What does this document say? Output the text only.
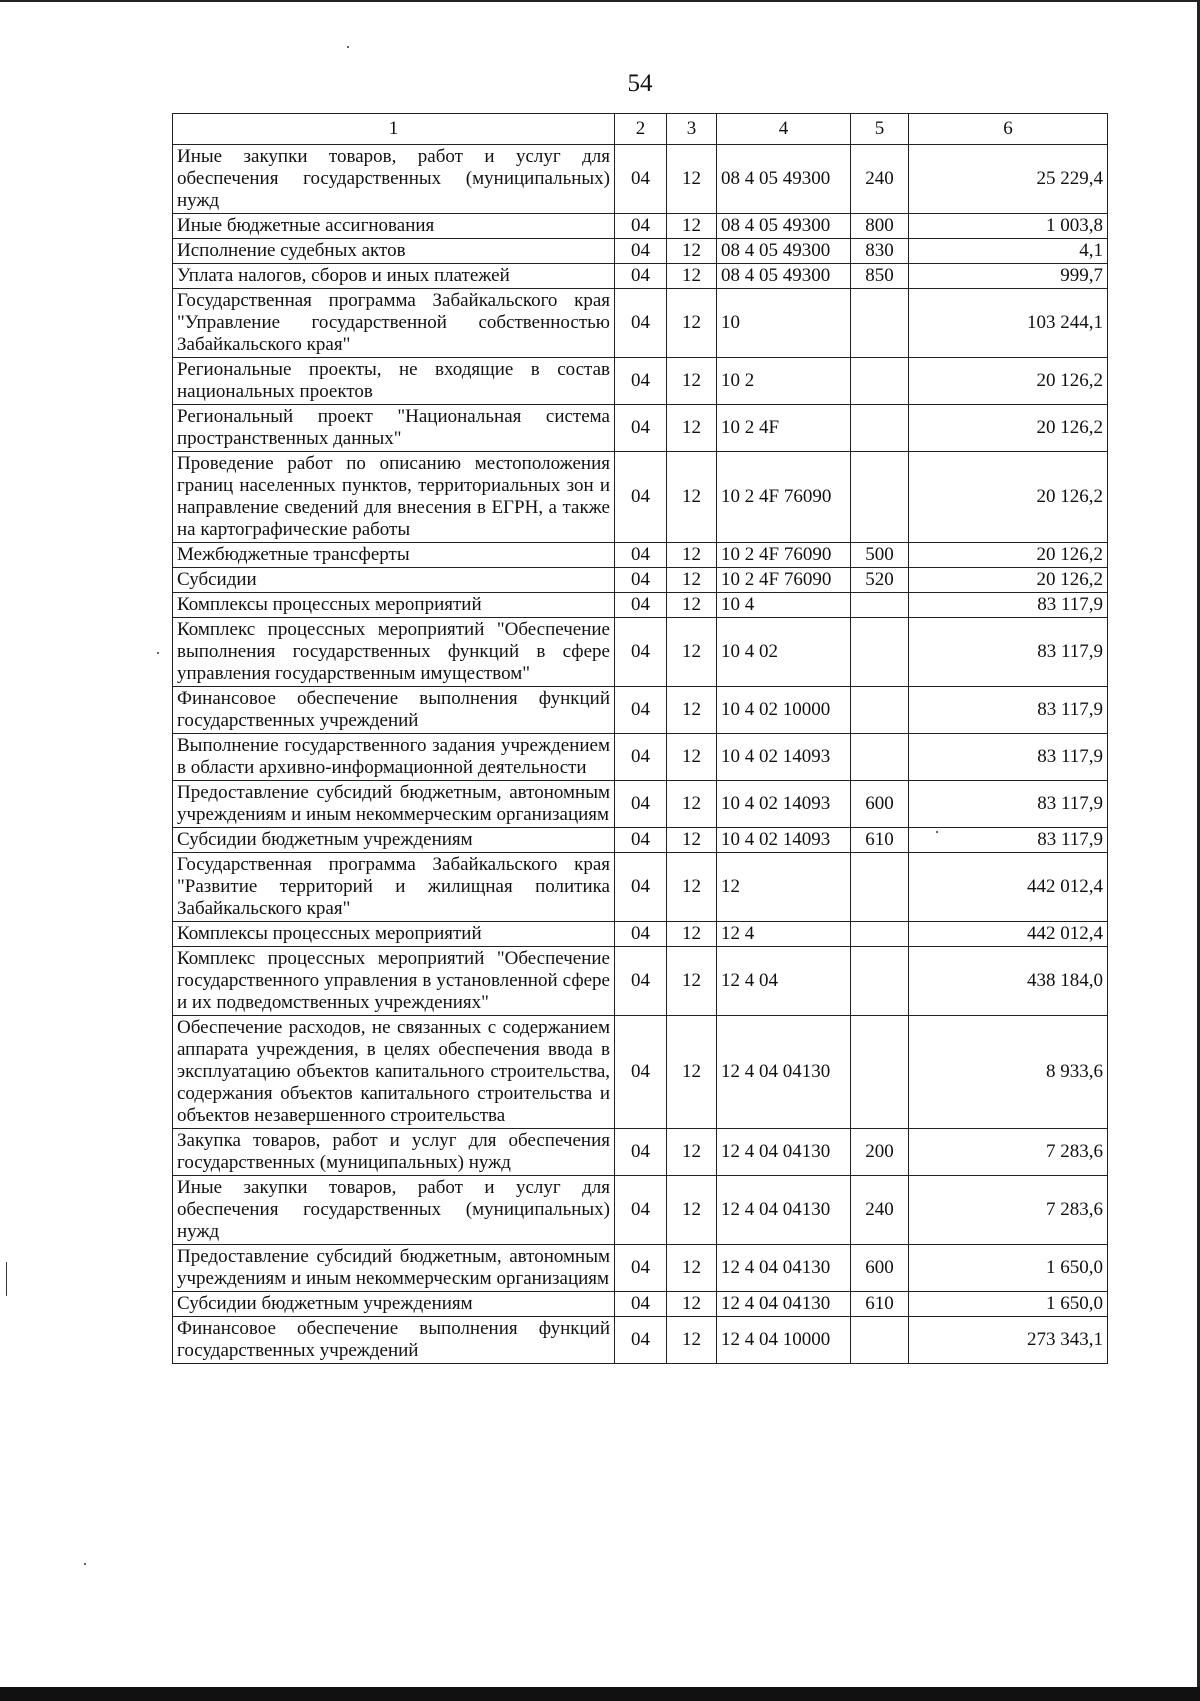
54
1	2	3	4	5	6
Иные закупки товаров, работ и услуг для обеспечения государственных (муниципальных) нужд	04	12	08 4 05 49300	240	25 229,4
Иные бюджетные ассигнования	04	12	08 4 05 49300	800	1 003,8
Исполнение судебных актов	04	12	08 4 05 49300	830	4,1
Уплата налогов, сборов и иных платежей	04	12	08 4 05 49300	850	999,7
Государственная программа Забайкальского края "Управление государственной собственностью Забайкальского края"	04	12	10		103 244,1
Региональные проекты, не входящие в состав национальных проектов	04	12	10 2		20 126,2
Региональный проект "Национальная система пространственных данных"	04	12	10 2 4F		20 126,2
Проведение работ по описанию местоположения границ населенных пунктов, территориальных зон и направление сведений для внесения в ЕГРН, а также на картографические работы	04	12	10 2 4F 76090		20 126,2
Межбюджетные трансферты	04	12	10 2 4F 76090	500	20 126,2
Субсидии	04	12	10 2 4F 76090	520	20 126,2
Комплексы процессных мероприятий	04	12	10 4		83 117,9
Комплекс процессных мероприятий "Обеспечение выполнения государственных функций в сфере управления государственным имуществом"	04	12	10 4 02		83 117,9
Финансовое обеспечение выполнения функций государственных учреждений	04	12	10 4 02 10000		83 117,9
Выполнение государственного задания учреждением в области архивно-информационной деятельности	04	12	10 4 02 14093		83 117,9
Предоставление субсидий бюджетным, автономным учреждениям и иным некоммерческим организациям	04	12	10 4 02 14093	600	83 117,9
Субсидии бюджетным учреждениям	04	12	10 4 02 14093	610	83 117,9
Государственная программа Забайкальского края "Развитие территорий и жилищная политика Забайкальского края"	04	12	12		442 012,4
Комплексы процессных мероприятий	04	12	12 4		442 012,4
Комплекс процессных мероприятий "Обеспечение государственного управления в установленной сфере и их подведомственных учреждениях"	04	12	12 4 04		438 184,0
Обеспечение расходов, не связанных с содержанием аппарата учреждения, в целях обеспечения ввода в эксплуатацию объектов капитального строительства, содержания объектов капитального строительства и объектов незавершенного строительства	04	12	12 4 04 04130		8 933,6
Закупка товаров, работ и услуг для обеспечения государственных (муниципальных) нужд	04	12	12 4 04 04130	200	7 283,6
Иные закупки товаров, работ и услуг для обеспечения государственных (муниципальных) нужд	04	12	12 4 04 04130	240	7 283,6
Предоставление субсидий бюджетным, автономным учреждениям и иным некоммерческим организациям	04	12	12 4 04 04130	600	1 650,0
Субсидии бюджетным учреждениям	04	12	12 4 04 04130	610	1 650,0
Финансовое обеспечение выполнения функций государственных учреждений	04	12	12 4 04 10000		273 343,1
